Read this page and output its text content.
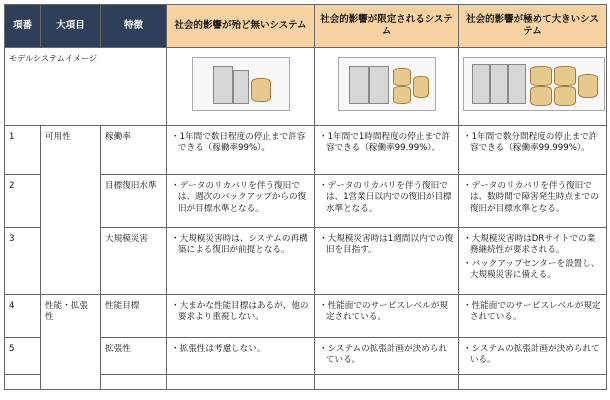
項番	大項目	特徴	社会的影響が殆ど無いシステム	社会的影響が限定されるシステム	社会的影響が極めて大きいシステム
モデルシステムイメージ			

1	可用性	稼働率	・1年間で数日程度の停止まで許容できる（稼働率99%）。	・1年間で1時間程度の停止まで許容できる（稼働率99.99%）。	・1年間で数分間程度の停止まで許容できる（稼働率99.999%）。

2		目標復旧水準	・データのリカバリを伴う復旧では、週次のバックアップからの復旧が目標水準となる。	・データのリカバリを伴う復旧では、1営業日以内での復旧が目標水準となる。	・データのリカバリを伴う復旧では、数時間で障害発生時点までの復旧が目標水準となる。

3		大規模災害	・大規模災害時は、システムの再構築による復旧が前提となる。	・大規模災害時は1週間以内での復旧を目指す。	・大規模災害時はDRサイトでの業務継続性が要求される。
・バックアップセンターを設置し、大規模災害に備える。

4	性能・拡張性	性能目標	・大まかな性能目標はあるが、他の要求より重視しない。	・性能面でのサービスレベルが規定されている。	・性能面でのサービスレベルが規定されている。

5		拡張性	・拡張性は考慮しない。	・システムの拡張計画が決められている。	・システムの拡張計画が決められている。
